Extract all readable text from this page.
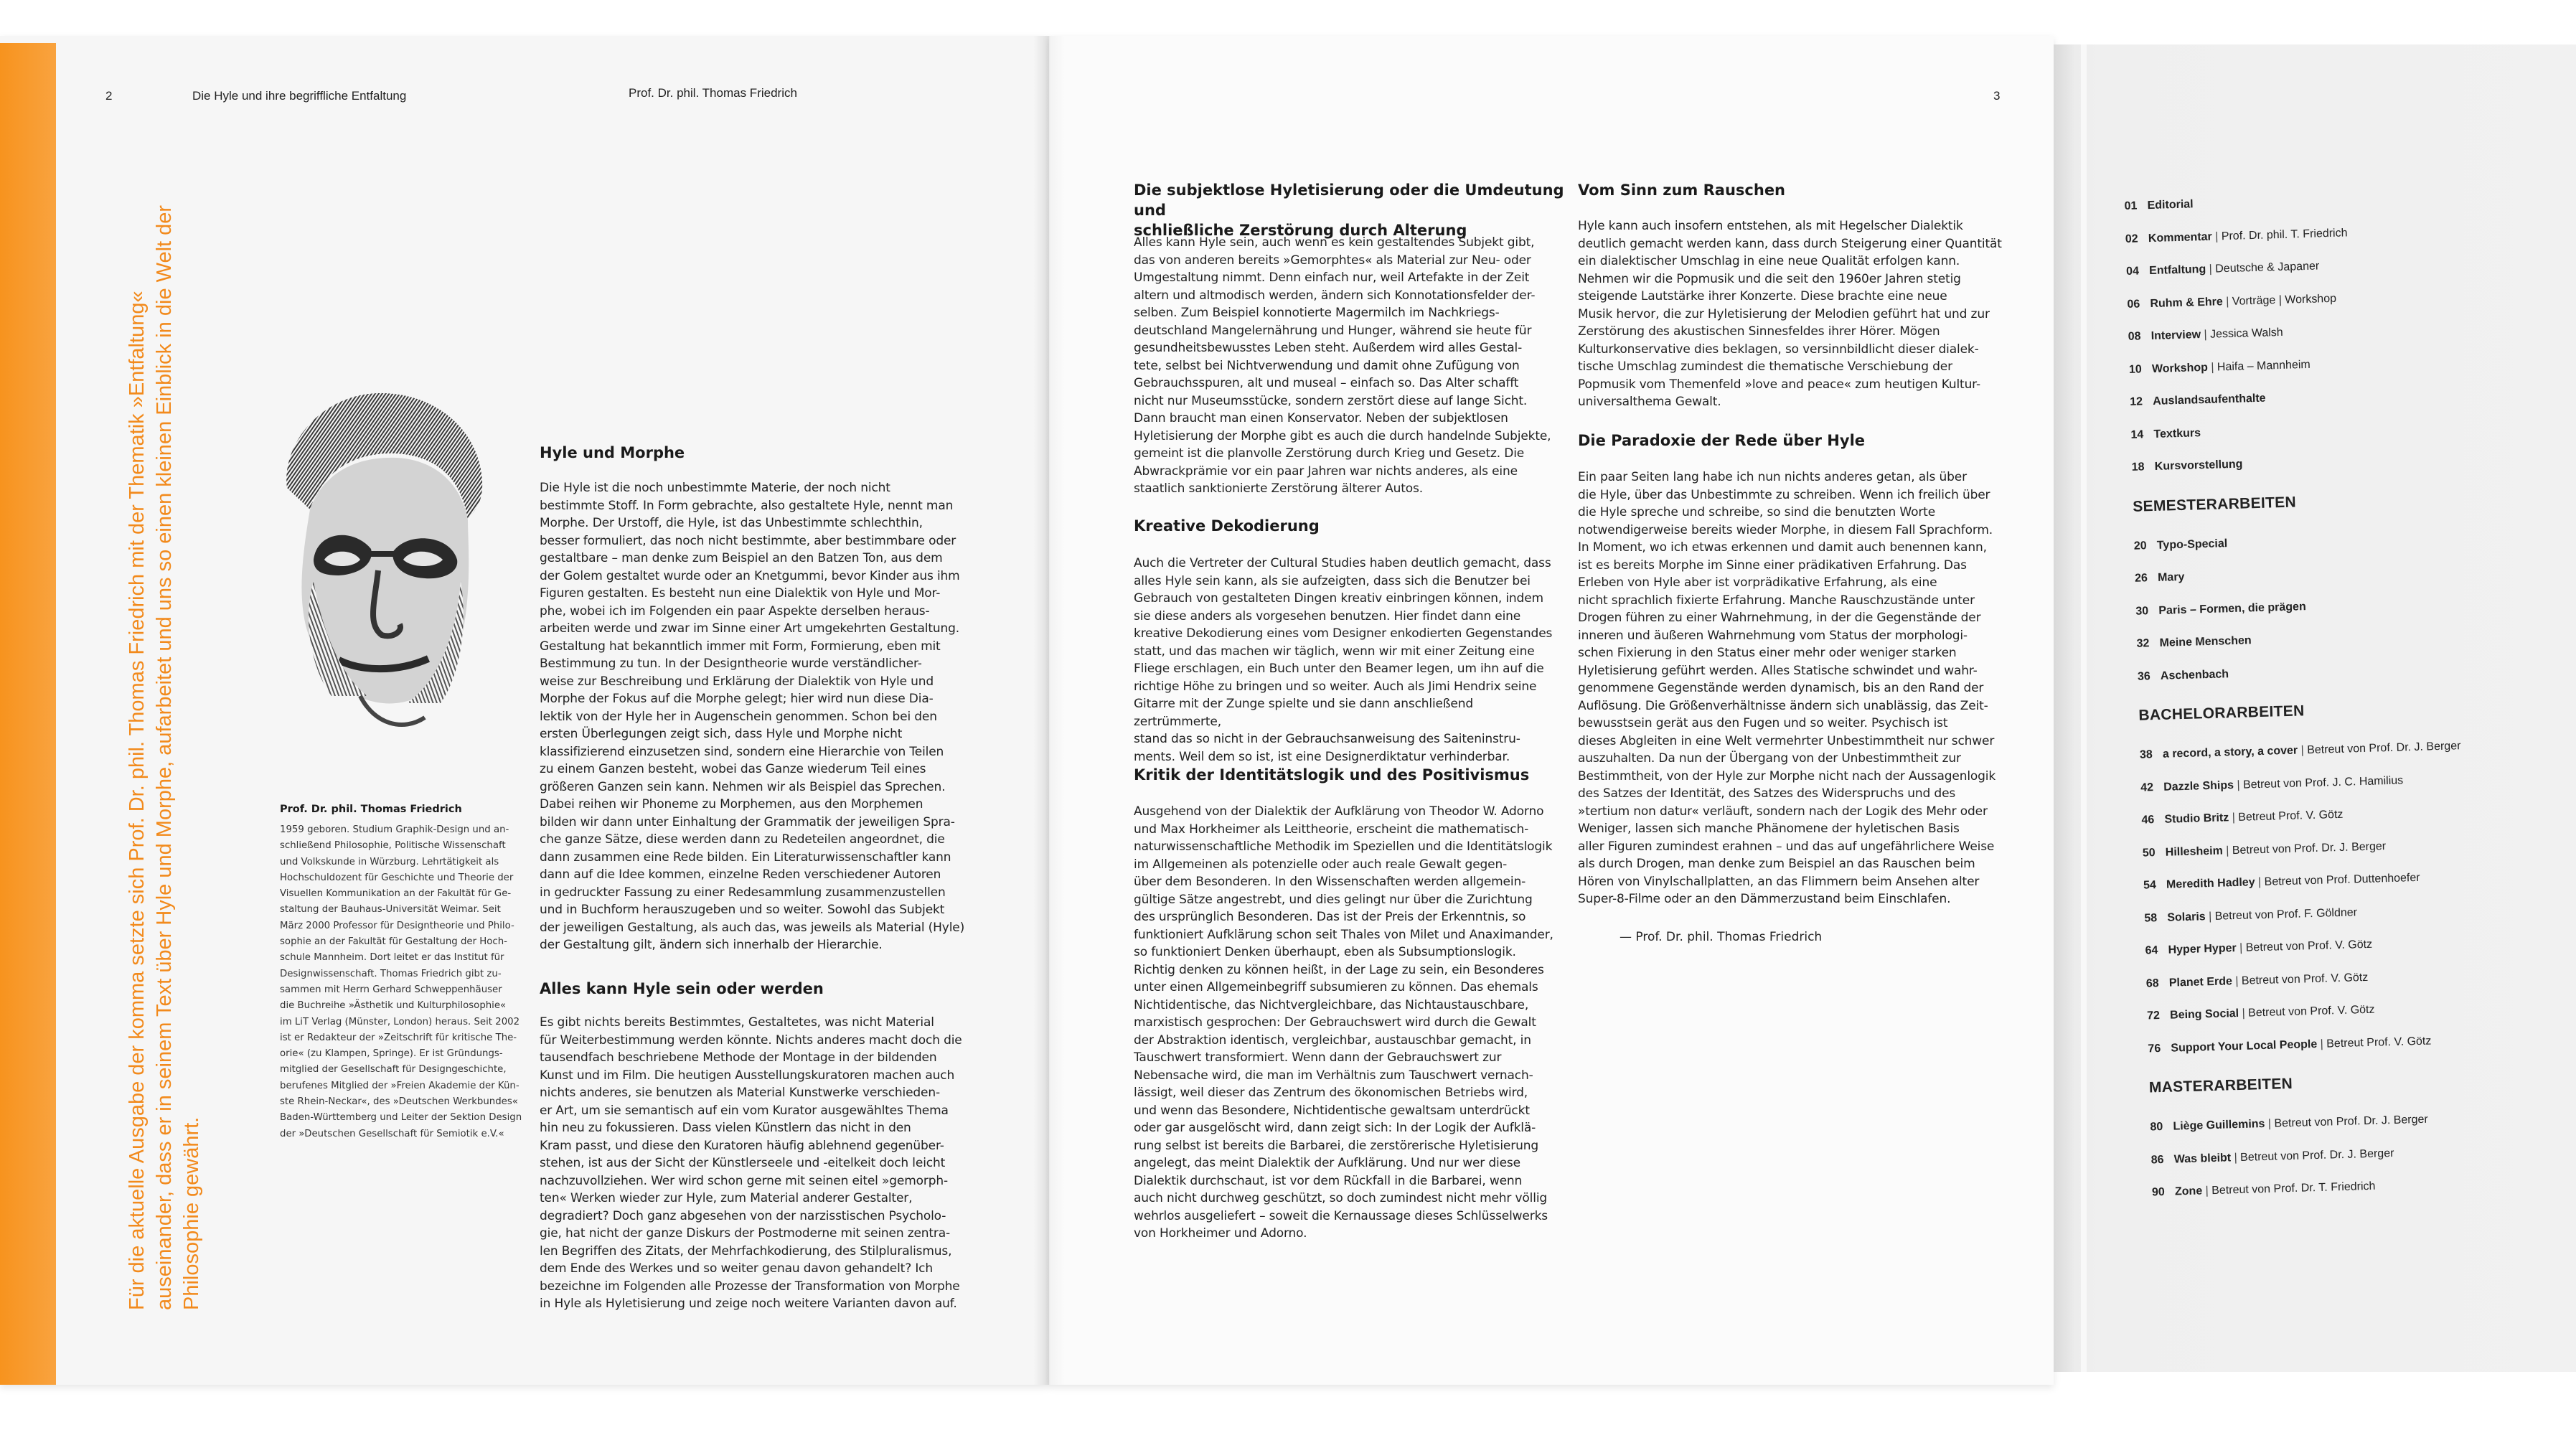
Für die aktuelle Ausgabe der komma setzte sich Prof. Dr. phil. Thomas Friedrich mit der Thematik »Entfaltung« auseinander, dass er in seinem Text über Hyle und Morphe, aufarbeitet und uns so einen kleinen Einblick in die Welt der Philosophie gewährt.
2	Die Hyle und ihre begriffliche Entfaltung	Prof. Dr. phil. Thomas Friedrich
Prof. Dr. phil. Thomas Friedrich
1959 geboren. Studium Graphik-Design und an-
schließend Philosophie, Politische Wissenschaft
und Volkskunde in Würzburg. Lehrtätigkeit als
Hochschuldozent für Geschichte und Theorie der
Visuellen Kommunikation an der Fakultät für Ge-
staltung der Bauhaus-Universität Weimar. Seit
März 2000 Professor für Designtheorie und Philo-
sophie an der Fakultät für Gestaltung der Hoch-
schule Mannheim. Dort leitet er das Institut für
Designwissenschaft. Thomas Friedrich gibt zu-
sammen mit Herrn Gerhard Schweppenhäuser
die Buchreihe »Ästhetik und Kulturphilosophie«
im LiT Verlag (Münster, London) heraus. Seit 2002
ist er Redakteur der »Zeitschrift für kritische The-
orie« (zu Klampen, Springe). Er ist Gründungs-
mitglied der Gesellschaft für Designgeschichte,
berufenes Mitglied der »Freien Akademie der Kün-
ste Rhein-Neckar«, des »Deutschen Werkbundes«
Baden-Württemberg und Leiter der Sektion Design
der »Deutschen Gesellschaft für Semiotik e.V.«
Hyle und Morphe
Die Hyle ist die noch unbestimmte Materie, der noch nicht
bestimmte Stoff. In Form gebrachte, also gestaltete Hyle, nennt man
Morphe. Der Urstoff, die Hyle, ist das Unbestimmte schlechthin,
besser formuliert, das noch nicht bestimmte, aber bestimmbare oder
gestaltbare – man denke zum Beispiel an den Batzen Ton, aus dem
der Golem gestaltet wurde oder an Knetgummi, bevor Kinder aus ihm
Figuren gestalten. Es besteht nun eine Dialektik von Hyle und Mor-
phe, wobei ich im Folgenden ein paar Aspekte derselben heraus-
arbeiten werde und zwar im Sinne einer Art umgekehrten Gestaltung.
Gestaltung hat bekanntlich immer mit Form, Formierung, eben mit
Bestimmung zu tun. In der Designtheorie wurde verständlicher-
weise zur Beschreibung und Erklärung der Dialektik von Hyle und
Morphe der Fokus auf die Morphe gelegt; hier wird nun diese Dia-
lektik von der Hyle her in Augenschein genommen. Schon bei den
ersten Überlegungen zeigt sich, dass Hyle und Morphe nicht
klassifizierend einzusetzen sind, sondern eine Hierarchie von Teilen
zu einem Ganzen besteht, wobei das Ganze wiederum Teil eines
größeren Ganzen sein kann. Nehmen wir als Beispiel das Sprechen.
Dabei reihen wir Phoneme zu Morphemen, aus den Morphemen
bilden wir dann unter Einhaltung der Grammatik der jeweiligen Spra-
che ganze Sätze, diese werden dann zu Redeteilen angeordnet, die
dann zusammen eine Rede bilden. Ein Literaturwissenschaftler kann
dann auf die Idee kommen, einzelne Reden verschiedener Autoren
in gedruckter Fassung zu einer Redesammlung zusammenzustellen
und in Buchform herauszugeben und so weiter. Sowohl das Subjekt
der jeweiligen Gestaltung, als auch das, was jeweils als Material (Hyle)
der Gestaltung gilt, ändern sich innerhalb der Hierarchie.
Alles kann Hyle sein oder werden
Es gibt nichts bereits Bestimmtes, Gestaltetes, was nicht Material
für Weiterbestimmung werden könnte. Nichts anderes macht doch die
tausendfach beschriebene Methode der Montage in der bildenden
Kunst und im Film. Die heutigen Ausstellungskuratoren machen auch
nichts anderes, sie benutzen als Material Kunstwerke verschieden-
er Art, um sie semantisch auf ein vom Kurator ausgewähltes Thema
hin neu zu fokussieren. Dass vielen Künstlern das nicht in den
Kram passt, und diese den Kuratoren häufig ablehnend gegenüber-
stehen, ist aus der Sicht der Künstlerseele und -eitelkeit doch leicht
nachzuvollziehen. Wer wird schon gerne mit seinen eitel »gemorph-
ten« Werken wieder zur Hyle, zum Material anderer Gestalter,
degradiert? Doch ganz abgesehen von der narzisstischen Psycholo-
gie, hat nicht der ganze Diskurs der Postmoderne mit seinen zentra-
len Begriffen des Zitats, der Mehrfachkodierung, des Stilpluralismus,
dem Ende des Werkes und so weiter genau davon gehandelt? Ich
bezeichne im Folgenden alle Prozesse der Transformation von Morphe
in Hyle als Hyletisierung und zeige noch weitere Varianten davon auf.
3
Die subjektlose Hyletisierung oder die Umdeutung und
schließliche Zerstörung durch Alterung
Alles kann Hyle sein, auch wenn es kein gestaltendes Subjekt gibt,
das von anderen bereits »Gemorphtes« als Material zur Neu- oder
Umgestaltung nimmt. Denn einfach nur, weil Artefakte in der Zeit
altern und altmodisch werden, ändern sich Konnotationsfelder der-
selben. Zum Beispiel konnotierte Magermilch im Nachkriegs-
deutschland Mangelernährung und Hunger, während sie heute für
gesundheitsbewusstes Leben steht. Außerdem wird alles Gestal-
tete, selbst bei Nichtverwendung und damit ohne Zufügung von
Gebrauchsspuren, alt und museal – einfach so. Das Alter schafft
nicht nur Museumsstücke, sondern zerstört diese auf lange Sicht.
Dann braucht man einen Konservator. Neben der subjektlosen
Hyletisierung der Morphe gibt es auch die durch handelnde Subjekte,
gemeint ist die planvolle Zerstörung durch Krieg und Gesetz. Die
Abwrackprämie vor ein paar Jahren war nichts anderes, als eine
staatlich sanktionierte Zerstörung älterer Autos.
Kreative Dekodierung
Auch die Vertreter der Cultural Studies haben deutlich gemacht, dass
alles Hyle sein kann, als sie aufzeigten, dass sich die Benutzer bei
Gebrauch von gestalteten Dingen kreativ einbringen können, indem
sie diese anders als vorgesehen benutzen. Hier findet dann eine
kreative Dekodierung eines vom Designer enkodierten Gegenstandes
statt, und das machen wir täglich, wenn wir mit einer Zeitung eine
Fliege erschlagen, ein Buch unter den Beamer legen, um ihn auf die
richtige Höhe zu bringen und so weiter. Auch als Jimi Hendrix seine
Gitarre mit der Zunge spielte und sie dann anschließend zertrümmerte,
stand das so nicht in der Gebrauchsanweisung des Saiteninstru-
ments. Weil dem so ist, ist eine Designerdiktatur verhinderbar.
Kritik der Identitätslogik und des Positivismus
Ausgehend von der Dialektik der Aufklärung von Theodor W. Adorno
und Max Horkheimer als Leittheorie, erscheint die mathematisch-
naturwissenschaftliche Methodik im Speziellen und die Identitätslogik
im Allgemeinen als potenzielle oder auch reale Gewalt gegen-
über dem Besonderen. In den Wissenschaften werden allgemein-
gültige Sätze angestrebt, und dies gelingt nur über die Zurichtung
des ursprünglich Besonderen. Das ist der Preis der Erkenntnis, so
funktioniert Aufklärung schon seit Thales von Milet und Anaximander,
so funktioniert Denken überhaupt, eben als Subsumptionslogik.
Richtig denken zu können heißt, in der Lage zu sein, ein Besonderes
unter einen Allgemeinbegriff subsumieren zu können. Das ehemals
Nichtidentische, das Nichtvergleichbare, das Nichtaustauschbare,
marxistisch gesprochen: Der Gebrauchswert wird durch die Gewalt
der Abstraktion identisch, vergleichbar, austauschbar gemacht, in
Tauschwert transformiert. Wenn dann der Gebrauchswert zur
Nebensache wird, die man im Verhältnis zum Tauschwert vernach-
lässigt, weil dieser das Zentrum des ökonomischen Betriebs wird,
und wenn das Besondere, Nichtidentische gewaltsam unterdrückt
oder gar ausgelöscht wird, dann zeigt sich: In der Logik der Aufklä-
rung selbst ist bereits die Barbarei, die zerstörerische Hyletisierung
angelegt, das meint Dialektik der Aufklärung. Und nur wer diese
Dialektik durchschaut, ist vor dem Rückfall in die Barbarei, wenn
auch nicht durchweg geschützt, so doch zumindest nicht mehr völlig
wehrlos ausgeliefert – soweit die Kernaussage dieses Schlüsselwerks
von Horkheimer und Adorno.
Vom Sinn zum Rauschen
Hyle kann auch insofern entstehen, als mit Hegelscher Dialektik
deutlich gemacht werden kann, dass durch Steigerung einer Quantität
ein dialektischer Umschlag in eine neue Qualität erfolgen kann.
Nehmen wir die Popmusik und die seit den 1960er Jahren stetig
steigende Lautstärke ihrer Konzerte. Diese brachte eine neue
Musik hervor, die zur Hyletisierung der Melodien geführt hat und zur
Zerstörung des akustischen Sinnesfeldes ihrer Hörer. Mögen
Kulturkonservative dies beklagen, so versinnbildlicht dieser dialek-
tische Umschlag zumindest die thematische Verschiebung der
Popmusik vom Themenfeld »love and peace« zum heutigen Kultur-
universalthema Gewalt.
Die Paradoxie der Rede über Hyle
Ein paar Seiten lang habe ich nun nichts anderes getan, als über
die Hyle, über das Unbestimmte zu schreiben. Wenn ich freilich über
die Hyle spreche und schreibe, so sind die benutzten Worte
notwendigerweise bereits wieder Morphe, in diesem Fall Sprachform.
In Moment, wo ich etwas erkennen und damit auch benennen kann,
ist es bereits Morphe im Sinne einer prädikativen Erfahrung. Das
Erleben von Hyle aber ist vorprädikative Erfahrung, als eine
nicht sprachlich fixierte Erfahrung. Manche Rauschzustände unter
Drogen führen zu einer Wahrnehmung, in der die Gegenstände der
inneren und äußeren Wahrnehmung vom Status der morphologi-
schen Fixierung in den Status einer mehr oder weniger starken
Hyletisierung geführt werden. Alles Statische schwindet und wahr-
genommene Gegenstände werden dynamisch, bis an den Rand der
Auflösung. Die Größenverhältnisse ändern sich unablässig, das Zeit-
bewusstsein gerät aus den Fugen und so weiter. Psychisch ist
dieses Abgleiten in eine Welt vermehrter Unbestimmtheit nur schwer
auszuhalten. Da nun der Übergang von der Unbestimmtheit zur
Bestimmtheit, von der Hyle zur Morphe nicht nach der Aussagenlogik
des Satzes der Identität, des Satzes des Widerspruchs und des
»tertium non datur« verläuft, sondern nach der Logik des Mehr oder
Weniger, lassen sich manche Phänomene der hyletischen Basis
aller Figuren zumindest erahnen – und das auf ungefährlichere Weise
als durch Drogen, man denke zum Beispiel an das Rauschen beim
Hören von Vinylschallplatten, an das Flimmern beim Ansehen alter
Super-8-Filme oder an den Dämmerzustand beim Einschlafen.
— Prof. Dr. phil. Thomas Friedrich
01 Editorial
02 Kommentar | Prof. Dr. phil. T. Friedrich
04 Entfaltung | Deutsche & Japaner
06 Ruhm & Ehre | Vorträge | Workshop
08 Interview | Jessica Walsh
10 Workshop | Haifa – Mannheim
12 Auslandsaufenthalte
14 Textkurs
18 Kursvorstellung
SEMESTERARBEITEN
20 Typo-Special
26 Mary
30 Paris – Formen, die prägen
32 Meine Menschen
36 Aschenbach
BACHELORARBEITEN
38 a record, a story, a cover | Betreut von Prof. Dr. J. Berger
42 Dazzle Ships | Betreut von Prof. J. C. Hamilius
46 Studio Britz | Betreut Prof. V. Götz
50 Hillesheim | Betreut von Prof. Dr. J. Berger
54 Meredith Hadley | Betreut von Prof. Duttenhoefer
58 Solaris | Betreut von Prof. F. Göldner
64 Hyper Hyper | Betreut von Prof. V. Götz
68 Planet Erde | Betreut von Prof. V. Götz
72 Being Social | Betreut von Prof. V. Götz
76 Support Your Local People | Betreut Prof. V. Götz
MASTERARBEITEN
80 Liège Guillemins | Betreut von Prof. Dr. J. Berger
86 Was bleibt | Betreut von Prof. Dr. J. Berger
90 Zone | Betreut von Prof. Dr. T. Friedrich
